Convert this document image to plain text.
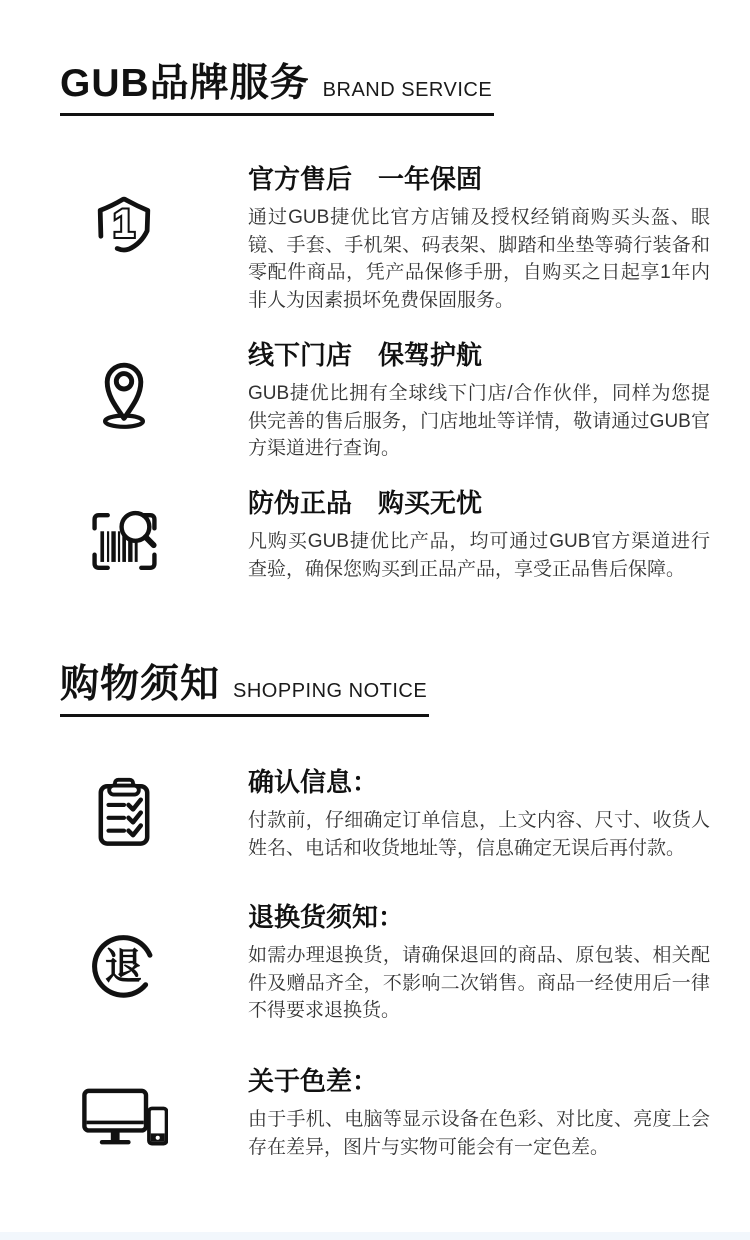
GUB品牌服务 BRAND SERVICE
1
官方售后　一年保固
通过GUB捷优比官方店铺及授权经销商购买头盔、眼镜、手套、手机架、码表架、脚踏和坐垫等骑行装备和零配件商品，凭产品保修手册，自购买之日起享1年内非人为因素损坏免费保固服务。
线下门店　保驾护航
GUB捷优比拥有全球线下门店/合作伙伴，同样为您提供完善的售后服务，门店地址等详情，敬请通过GUB官方渠道进行查询。
防伪正品　购买无忧
凡购买GUB捷优比产品，均可通过GUB官方渠道进行查验，确保您购买到正品产品，享受正品售后保障。
购物须知 SHOPPING NOTICE
确认信息：
付款前，仔细确定订单信息，上文内容、尺寸、收货人姓名、电话和收货地址等，信息确定无误后再付款。
退
退换货须知：
如需办理退换货，请确保退回的商品、原包装、相关配件及赠品齐全，不影响二次销售。商品一经使用后一律不得要求退换货。
关于色差：
由于手机、电脑等显示设备在色彩、对比度、亮度上会存在差异，图片与实物可能会有一定色差。
